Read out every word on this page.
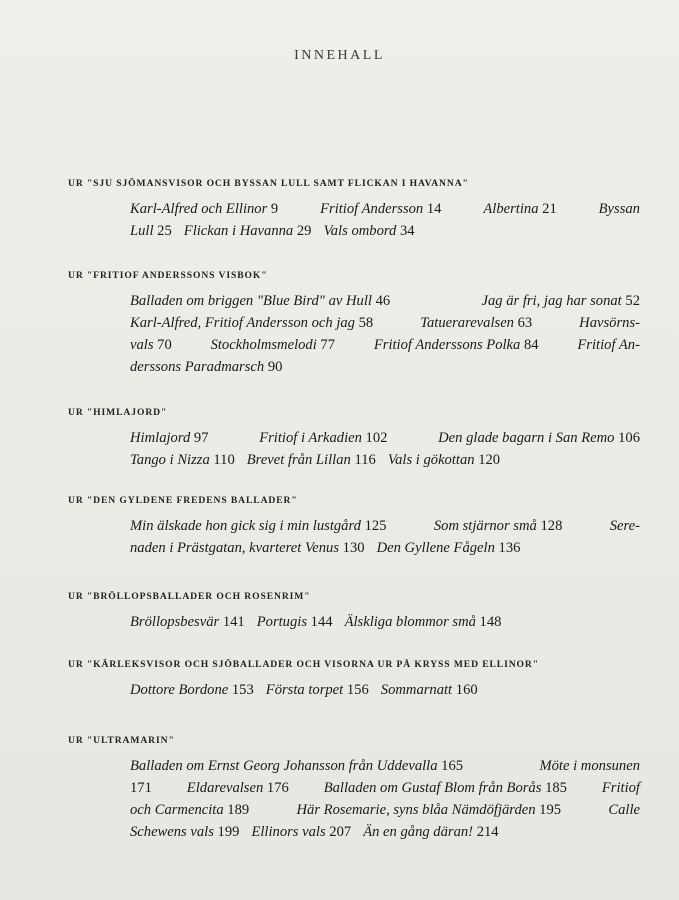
INNEHALL
UR "SJU SJÖMANSVISOR OCH BYSSAN LULL SAMT FLICKAN I HAVANNA"
Karl-Alfred och Ellinor 9	Fritiof Andersson 14	Albertina 21	Byssan
Lull 25 Flickan i Havanna 29 Vals ombord 34
UR "FRITIOF ANDERSSONS VISBOK"
Balladen om briggen "Blue Bird" av Hull 46	Jag är fri, jag har sonat 52
Karl-Alfred, Fritiof Andersson och jag 58	Tatuerarevalsen 63	Havsörns-
vals 70	Stockholmsmelodi 77	Fritiof Anderssons Polka 84	Fritiof An-
derssons Paradmarsch 90
UR "HIMLAJORD"
Himlajord 97	Fritiof i Arkadien 102	Den glade bagarn i San Remo 106
Tango i Nizza 110 Brevet från Lillan 116 Vals i gökottan 120
UR "DEN GYLDENE FREDENS BALLADER"
Min älskade hon gick sig i min lustgård 125	Som stjärnor små 128	Sere-
naden i Prästgatan, kvarteret Venus 130 Den Gyllene Fågeln 136
UR "BRÖLLOPSBALLADER OCH ROSENRIM"
Bröllopsbesvär 141 Portugis 144 Älskliga blommor små 148
UR "KÄRLEKSVISOR OCH SJÖBALLADER OCH VISORNA UR PÅ KRYSS MED ELLINOR"
Dottore Bordone 153 Första torpet 156 Sommarnatt 160
UR "ULTRAMARIN"
Balladen om Ernst Georg Johansson från Uddevalla 165	Möte i monsunen
171 Eldarevalsen 176 Balladen om Gustaf Blom från Borås 185 Fritiof
och Carmencita 189	Här Rosemarie, syns blåa Nämdöfjärden 195	Calle
Schewens vals 199 Ellinors vals 207 Än en gång däran! 214
